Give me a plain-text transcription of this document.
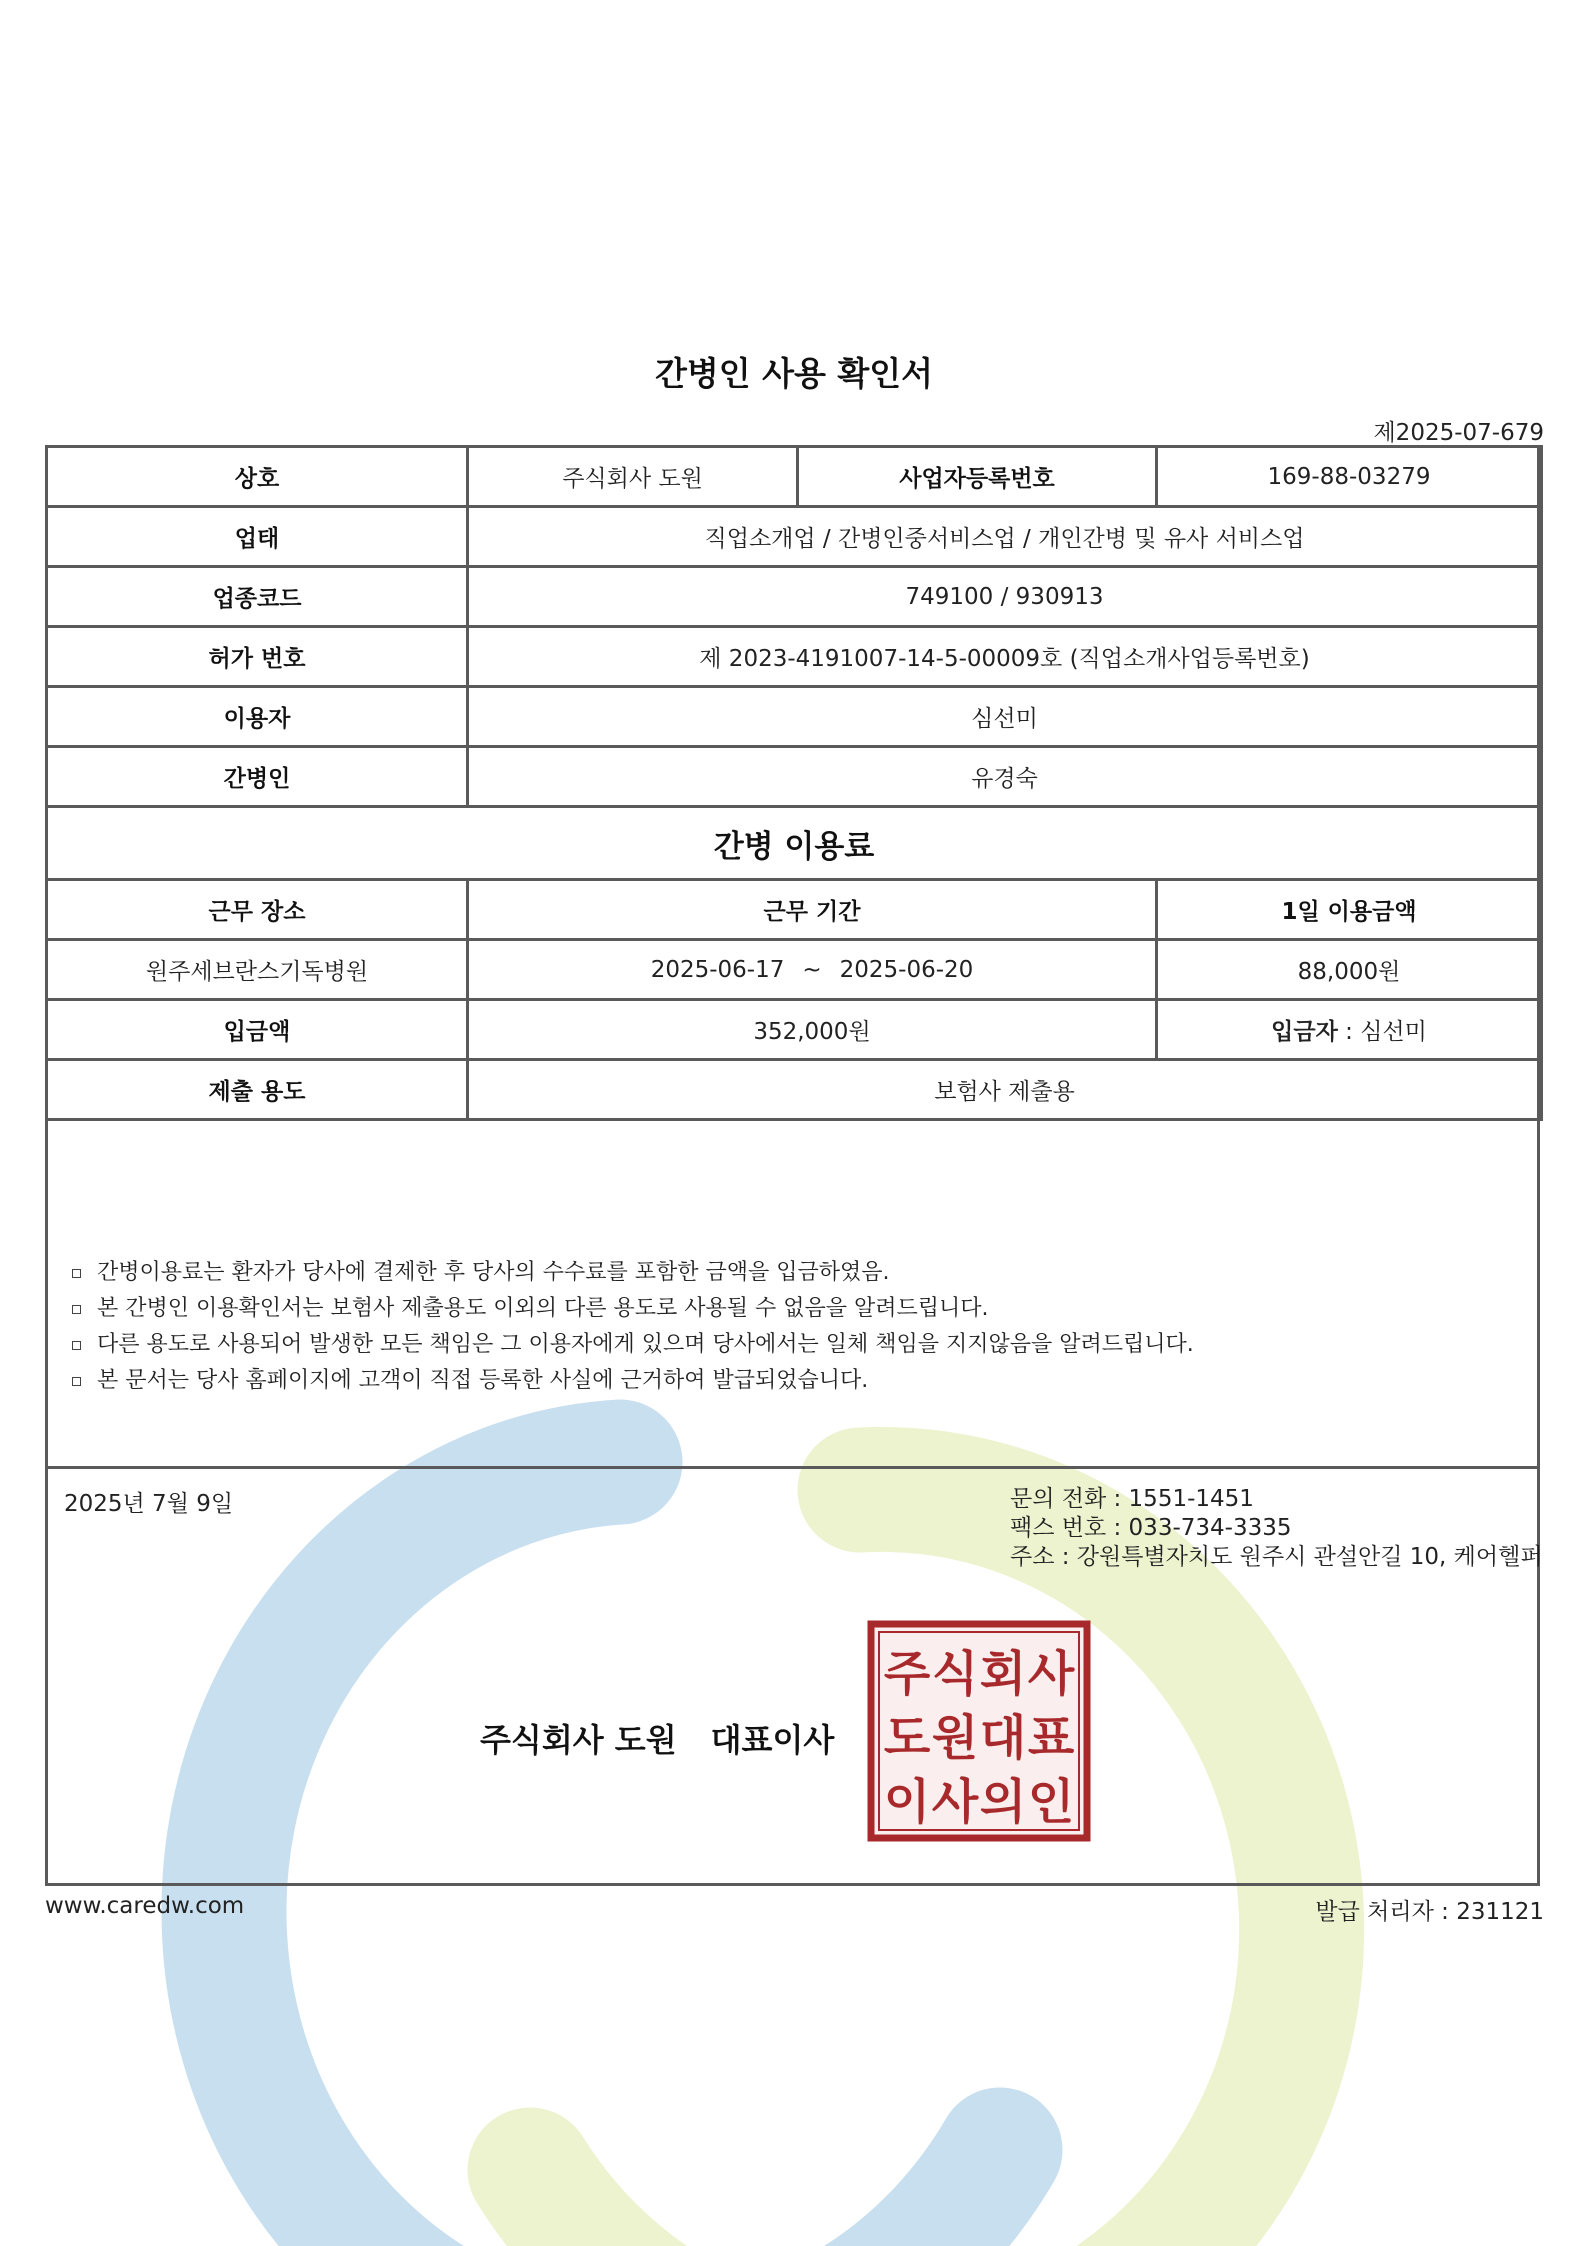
간병인 사용 확인서
제2025-07-679
상호	주식회사 도원	사업자등록번호	169-88-03279
업태	직업소개업 / 간병인중서비스업 / 개인간병 및 유사 서비스업		
업종코드	749100 / 930913		
허가 번호	제 2023-4191007-14-5-00009호 (직업소개사업등록번호)		
이용자	심선미		
간병인	유경숙		
간병 이용료			
근무 장소	근무 기간		1일 이용금액
원주세브란스기독병원	2025-06-17 ~ 2025-06-20		88,000원
입금액	352,000원		입금자 : 심선미
제출 용도	보험사 제출용		
간병이용료는 환자가 당사에 결제한 후 당사의 수수료를 포함한 금액을 입금하였음.
본 간병인 이용확인서는 보험사 제출용도 이외의 다른 용도로 사용될 수 없음을 알려드립니다.
다른 용도로 사용되어 발생한 모든 책임은 그 이용자에게 있으며 당사에서는 일체 책임을 지지않음을 알려드립니다.
본 문서는 당사 홈페이지에 고객이 직접 등록한 사실에 근거하여 발급되었습니다.
2025년 7월 9일	문의 전화 : 1551-1451
팩스 번호 : 033-734-3335
주소 : 강원특별자치도 원주시 관설안길 10, 케어헬퍼
주식회사 도원 대표이사
주 식 회 사
도 원 대 표
이 사 의 인
www.caredw.com	발급 처리자 : 231121
